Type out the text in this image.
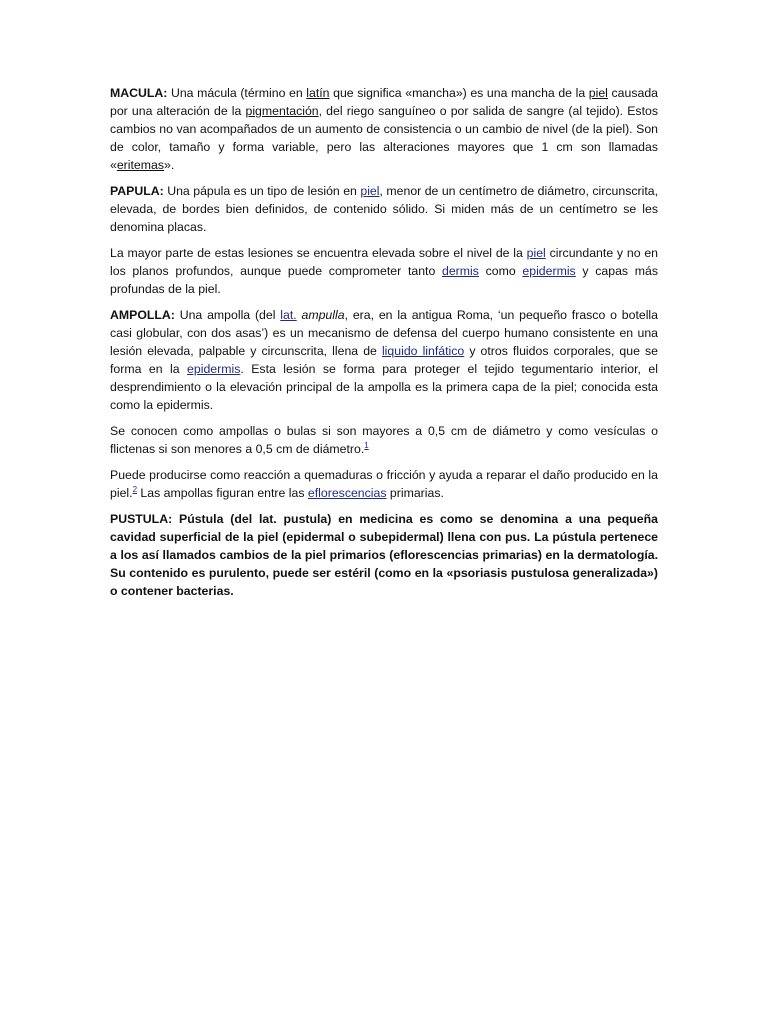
MACULA: Una mácula (término en latín que significa «mancha») es una mancha de la piel causada por una alteración de la pigmentación, del riego sanguíneo o por salida de sangre (al tejido). Estos cambios no van acompañados de un aumento de consistencia o un cambio de nivel (de la piel). Son de color, tamaño y forma variable, pero las alteraciones mayores que 1 cm son llamadas «eritemas».

PAPULA: Una pápula es un tipo de lesión en piel, menor de un centímetro de diámetro, circunscrita, elevada, de bordes bien definidos, de contenido sólido. Si miden más de un centímetro se les denomina placas.

La mayor parte de estas lesiones se encuentra elevada sobre el nivel de la piel circundante y no en los planos profundos, aunque puede comprometer tanto dermis como epidermis y capas más profundas de la piel.

AMPOLLA: Una ampolla (del lat. ampulla, era, en la antigua Roma, ‘un pequeño frasco o botella casi globular, con dos asas’) es un mecanismo de defensa del cuerpo humano consistente en una lesión elevada, palpable y circunscrita, llena de liquido linfático y otros fluidos corporales, que se forma en la epidermis. Esta lesión se forma para proteger el tejido tegumentario interior, el desprendimiento o la elevación principal de la ampolla es la primera capa de la piel; conocida esta como la epidermis.

Se conocen como ampollas o bulas si son mayores a 0,5 cm de diámetro y como vesículas o flictenas si son menores a 0,5 cm de diámetro.$^1$

Puede producirse como reacción a quemaduras o fricción y ayuda a reparar el daño producido en la piel.$^2$ Las ampollas figuran entre las eflorescencias primarias.

PUSTULA: Pústula (del lat. pustula) en medicina es como se denomina a una pequeña cavidad superficial de la piel (epidermal o subepidermal) llena con pus. La pústula pertenece a los así llamados cambios de la piel primarios (eflorescencias primarias) en la dermatología. Su contenido es purulento, puede ser estéril (como en la «psoriasis pustulosa generalizada») o contener bacterias.
